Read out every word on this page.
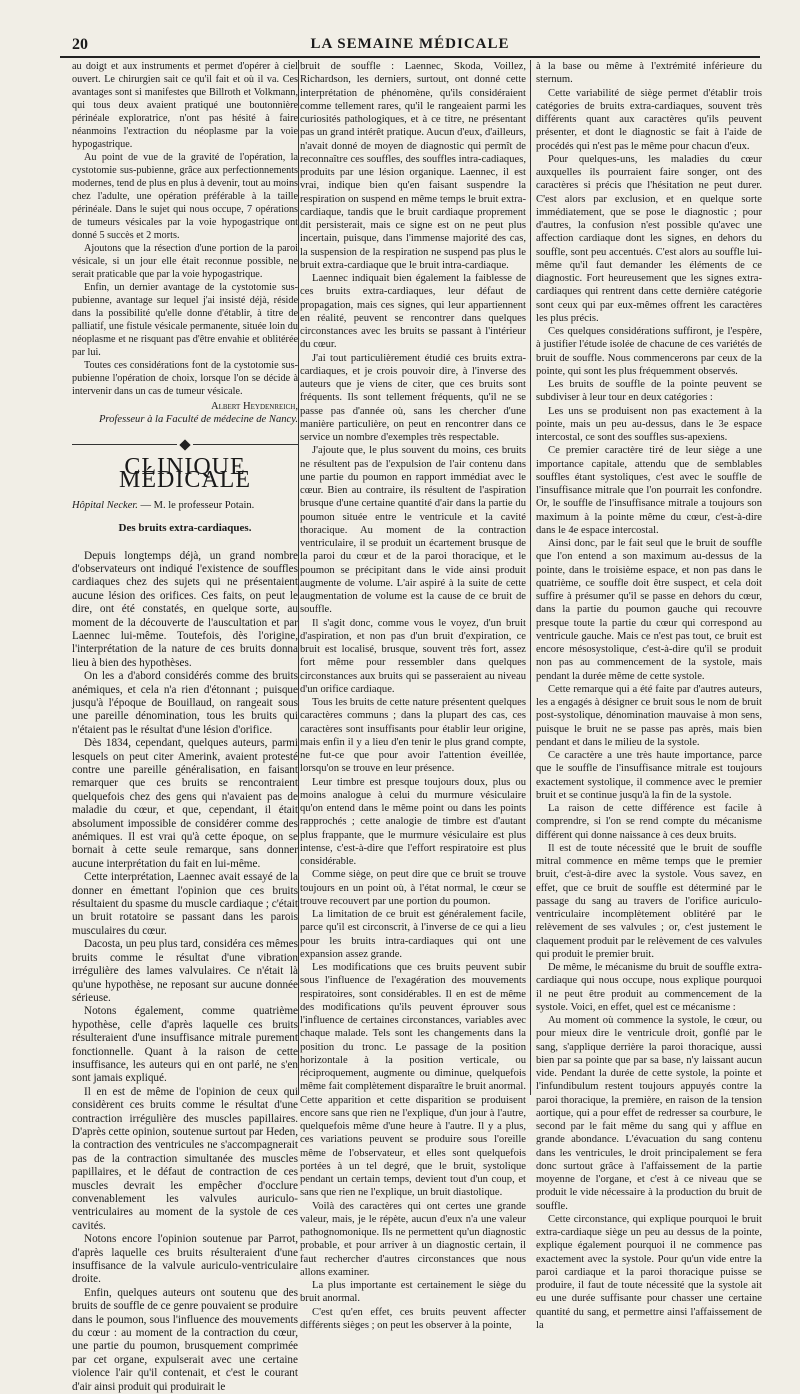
20	LA SEMAINE MÉDICALE

au doigt et aux instruments et permet d'opérer à ciel ouvert. Le chirurgien sait ce qu'il fait et où il va. Ces avantages sont si manifestes que Billroth et Volkmann, qui tous deux avaient pratiqué une boutonnière périnéale exploratrice, n'ont pas hésité à faire néanmoins l'extraction du néoplasme par la voie hypogastrique.

Au point de vue de la gravité de l'opération, la cystotomie sus-pubienne, grâce aux perfectionnements modernes, tend de plus en plus à devenir, tout au moins chez l'adulte, une opération préférable à la taille périnéale. Dans le sujet qui nous occupe, 7 opérations de tumeurs vésicales par la voie hypogastrique ont donné 5 succès et 2 morts.

Ajoutons que la résection d'une portion de la paroi vésicale, si un jour elle était reconnue possible, ne serait praticable que par la voie hypogastrique.

Enfin, un dernier avantage de la cystotomie sus-pubienne, avantage sur lequel j'ai insisté déjà, réside dans la possibilité qu'elle donne d'établir, à titre de palliatif, une fistule vésicale permanente, située loin du néoplasme et ne risquant pas d'être envahie et oblitérée par lui.

Toutes ces considérations font de la cystotomie sus-pubienne l'opération de choix, lorsque l'on se décide à intervenir dans un cas de tumeur vésicale.

Albert Heydenreich,
Professeur à la Faculté de médecine de Nancy.
CLINIQUE MÉDICALE
Hôpital Necker. — M. le professeur Potain.
Des bruits extra-cardiaques.

Depuis longtemps déjà, un grand nombre d'observateurs ont indiqué l'existence de souffles cardiaques chez des sujets qui ne présentaient aucune lésion des orifices. Ces faits, on peut le dire, ont été constatés, en quelque sorte, au moment de la découverte de l'auscultation et par Laennec lui-même. Toutefois, dès l'origine, l'interprétation de la nature de ces bruits donna lieu à bien des hypothèses.

On les a d'abord considérés comme des bruits anémiques, et cela n'a rien d'étonnant ; puisque jusqu'à l'époque de Bouillaud, on rangeait sous une pareille dénomination, tous les bruits qui n'étaient pas le résultat d'une lésion d'orifice.

Dès 1834, cependant, quelques auteurs, parmi lesquels on peut citer Amerink, avaient protesté contre une pareille généralisation, en faisant remarquer que ces bruits se rencontraient quelquefois chez des gens qui n'avaient pas de maladie du cœur, et que, cependant, il était absolument impossible de considérer comme des anémiques. Il est vrai qu'à cette époque, on se bornait à cette seule remarque, sans donner aucune interprétation du fait en lui-même.

Cette interprétation, Laennec avait essayé de la donner en émettant l'opinion que ces bruits résultaient du spasme du muscle cardiaque ; c'était un bruit rotatoire se passant dans les parois musculaires du cœur.

Dacosta, un peu plus tard, considéra ces mêmes bruits comme le résultat d'une vibration irrégulière des lames valvulaires. Ce n'était là qu'une hypothèse, ne reposant sur aucune donnée sérieuse.

Notons également, comme quatrième hypothèse, celle d'après laquelle ces bruits résulteraient d'une insuffisance mitrale purement fonctionnelle. Quant à la raison de cette insuffisance, les auteurs qui en ont parlé, ne s'en sont jamais expliqué.

Il en est de même de l'opinion de ceux qui considèrent ces bruits comme le résultat d'une contraction irrégulière des muscles papillaires. D'après cette opinion, soutenue surtout par Heden, la contraction des ventricules ne s'accompagnerait pas de la contraction simultanée des muscles papillaires, et le défaut de contraction de ces muscles devrait les empêcher d'occlure convenablement les valvules auriculo-ventriculaires au moment de la systole de ces cavités.

Notons encore l'opinion soutenue par Parrot, d'après laquelle ces bruits résulteraient d'une insuffisance de la valvule auriculo-ventriculaire droite.

Enfin, quelques auteurs ont soutenu que des bruits de souffle de ce genre pouvaient se produire dans le poumon, sous l'influence des mouvements du cœur : au moment de la contraction du cœur, une partie du poumon, brusquement comprimée par cet organe, expulserait avec une certaine violence l'air qu'il contenait, et c'est le courant d'air ainsi produit qui produirait le

bruit de souffle : Laennec, Skoda, Voillez, Richardson, les derniers, surtout, ont donné cette interprétation de phénomène, qu'ils considéraient comme tellement rares, qu'il le rangeaient parmi les curiosités pathologiques, et à ce titre, ne présentant pas un grand intérêt pratique. Aucun d'eux, d'ailleurs, n'avait donné de moyen de diagnostic qui permît de reconnaître ces souffles, des souffles intra-cadiaques, produits par une lésion organique. Laennec, il est vrai, indique bien qu'en faisant suspendre la respiration on suspend en même temps le bruit extra-cardiaque, tandis que le bruit cardiaque proprement dit persisterait, mais ce signe est on ne peut plus incertain, puisque, dans l'immense majorité des cas, la suspension de la respiration ne suspend pas plus le bruit extra-cardiaque que le bruit intra-cardiaque.

Laennec indiquait bien également la faiblesse de ces bruits extra-cardiaques, leur défaut de propagation, mais ces signes, qui leur appartiennent en réalité, peuvent se rencontrer dans quelques circonstances avec les bruits se passant à l'intérieur du cœur.

J'ai tout particulièrement étudié ces bruits extra-cardiaques, et je crois pouvoir dire, à l'inverse des auteurs que je viens de citer, que ces bruits sont fréquents. Ils sont tellement fréquents, qu'il ne se passe pas d'année où, sans les chercher d'une manière particulière, on peut en rencontrer dans ce service un nombre d'exemples très respectable.

J'ajoute que, le plus souvent du moins, ces bruits ne résultent pas de l'expulsion de l'air contenu dans une partie du poumon en rapport immédiat avec le cœur. Bien au contraire, ils résultent de l'aspiration brusque d'une certaine quantité d'air dans la partie du poumon située entre le ventricule et la cavité thoracique. Au moment de la contraction ventriculaire, il se produit un écartement brusque de la paroi du cœur et de la paroi thoracique, et le poumon se précipitant dans le vide ainsi produit augmente de volume. L'air aspiré à la suite de cette augmentation de volume est la cause de ce bruit de souffle.

Il s'agit donc, comme vous le voyez, d'un bruit d'aspiration, et non pas d'un bruit d'expiration, ce bruit est localisé, brusque, souvent très fort, assez fort même pour ressembler dans quelques circonstances aux bruits qui se passeraient au niveau d'un orifice cardiaque.

Tous les bruits de cette nature présentent quelques caractères communs ; dans la plupart des cas, ces caractères sont insuffisants pour établir leur origine, mais enfin il y a lieu d'en tenir le plus grand compte, ne fut-ce que pour avoir l'attention éveillée, lorsqu'on se trouve en leur présence.

Leur timbre est presque toujours doux, plus ou moins analogue à celui du murmure vésiculaire qu'on entend dans le même point ou dans les points rapprochés ; cette analogie de timbre est d'autant plus frappante, que le murmure vésiculaire est plus intense, c'est-à-dire que l'effort respiratoire est plus considérable.

Comme siège, on peut dire que ce bruit se trouve toujours en un point où, à l'état normal, le cœur se trouve recouvert par une portion du poumon.

La limitation de ce bruit est généralement facile, parce qu'il est circonscrit, à l'inverse de ce qui a lieu pour les bruits intra-cardiaques qui ont une expansion assez grande.

Les modifications que ces bruits peuvent subir sous l'influence de l'exagération des mouvements respiratoires, sont considérables. Il en est de même des modifications qu'ils peuvent éprouver sous l'influence de certaines circonstances, variables avec chaque malade. Tels sont les changements dans la position du tronc. Le passage de la position horizontale à la position verticale, ou réciproquement, augmente ou diminue, quelquefois même fait complètement disparaître le bruit anormal. Cette apparition et cette disparition se produisent encore sans que rien ne l'explique, d'un jour à l'autre, quelquefois même d'une heure à l'autre. Il y a plus, ces variations peuvent se produire sous l'oreille même de l'observateur, et elles sont quelquefois portées à un tel degré, que le bruit, systolique pendant un certain temps, devient tout d'un coup, et sans que rien ne l'explique, un bruit diastolique.

Voilà des caractères qui ont certes une grande valeur, mais, je le répète, aucun d'eux n'a une valeur pathognomonique. Ils ne permettent qu'un diagnostic probable, et pour arriver à un diagnostic certain, il faut rechercher d'autres circonstances que nous allons examiner.

La plus importante est certainement le siège du bruit anormal.

C'est qu'en effet, ces bruits peuvent affecter différents sièges ; on peut les observer à la pointe,

à la base ou même à l'extrémité inférieure du sternum.

Cette variabilité de siège permet d'établir trois catégories de bruits extra-cardiaques, souvent très différents quant aux caractères qu'ils peuvent présenter, et dont le diagnostic se fait à l'aide de procédés qui n'est pas le même pour chacun d'eux.

Pour quelques-uns, les maladies du cœur auxquelles ils pourraient faire songer, ont des caractères si précis que l'hésitation ne peut durer. C'est alors par exclusion, et en quelque sorte immédiatement, que se pose le diagnostic ; pour d'autres, la confusion n'est possible qu'avec une affection cardiaque dont les signes, en dehors du souffle, sont peu accentués. C'est alors au souffle lui-même qu'il faut demander les éléments de ce diagnostic. Fort heureusement que les signes extra-cardiaques qui rentrent dans cette dernière catégorie sont ceux qui par eux-mêmes offrent les caractères les plus précis.

Ces quelques considérations suffiront, je l'espère, à justifier l'étude isolée de chacune de ces variétés de bruit de souffle. Nous commencerons par ceux de la pointe, qui sont les plus fréquemment observés.

Les bruits de souffle de la pointe peuvent se subdiviser à leur tour en deux catégories :

Les uns se produisent non pas exactement à la pointe, mais un peu au-dessus, dans le 3e espace intercostal, ce sont des souffles sus-apexiens.

Ce premier caractère tiré de leur siège a une importance capitale, attendu que de semblables souffles étant systoliques, c'est avec le souffle de l'insuffisance mitrale que l'on pourrait les confondre. Or, le souffle de l'insuffisance mitrale a toujours son maximum à la pointe même du cœur, c'est-à-dire dans le 4e espace intercostal.

Ainsi donc, par le fait seul que le bruit de souffle que l'on entend a son maximum au-dessus de la pointe, dans le troisième espace, et non pas dans le quatrième, ce souffle doit être suspect, et cela doit suffire à présumer qu'il se passe en dehors du cœur, dans la partie du poumon gauche qui recouvre presque toute la partie du cœur qui correspond au ventricule gauche. Mais ce n'est pas tout, ce bruit est encore mésosystolique, c'est-à-dire qu'il se produit non pas au commencement de la systole, mais pendant la durée même de cette systole.

Cette remarque qui a été faite par d'autres auteurs, les a engagés à désigner ce bruit sous le nom de bruit post-systolique, dénomination mauvaise à mon sens, puisque le bruit ne se passe pas après, mais bien pendant et dans le milieu de la systole.

Ce caractère a une très haute importance, parce que le souffle de l'insuffisance mitrale est toujours exactement systolique, il commence avec le premier bruit et se continue jusqu'à la fin de la systole.

La raison de cette différence est facile à comprendre, si l'on se rend compte du mécanisme différent qui donne naissance à ces deux bruits.

Il est de toute nécessité que le bruit de souffle mitral commence en même temps que le premier bruit, c'est-à-dire avec la systole. Vous savez, en effet, que ce bruit de souffle est déterminé par le passage du sang au travers de l'orifice auriculo-ventriculaire incomplètement oblitéré par le relèvement de ses valvules ; or, c'est justement le claquement produit par le relèvement de ces valvules qui produit le premier bruit.

De même, le mécanisme du bruit de souffle extra-cardiaque qui nous occupe, nous explique pourquoi il ne peut être produit au commencement de la systole. Voici, en effet, quel est ce mécanisme :

Au moment où commence la systole, le cœur, ou pour mieux dire le ventricule droit, gonflé par le sang, s'applique derrière la paroi thoracique, aussi bien par sa pointe que par sa base, n'y laissant aucun vide. Pendant la durée de cette systole, la pointe et l'infundibulum restent toujours appuyés contre la paroi thoracique, la première, en raison de la tension aortique, qui a pour effet de redresser sa courbure, le second par le fait même du sang qui y afflue en grande abondance. L'évacuation du sang contenu dans les ventricules, le droit principalement se fera donc surtout grâce à l'affaissement de la partie moyenne de l'organe, et c'est à ce niveau que se produit le vide nécessaire à la production du bruit de souffle.

Cette circonstance, qui explique pourquoi le bruit extra-cardiaque siège un peu au dessus de la pointe, explique également pourquoi il ne commence pas exactement avec la systole. Pour qu'un vide entre la paroi cardiaque et la paroi thoracique puisse se produire, il faut de toute nécessité que la systole ait eu une durée suffisante pour chasser une certaine quantité du sang, et permettre ainsi l'affaissement de la
